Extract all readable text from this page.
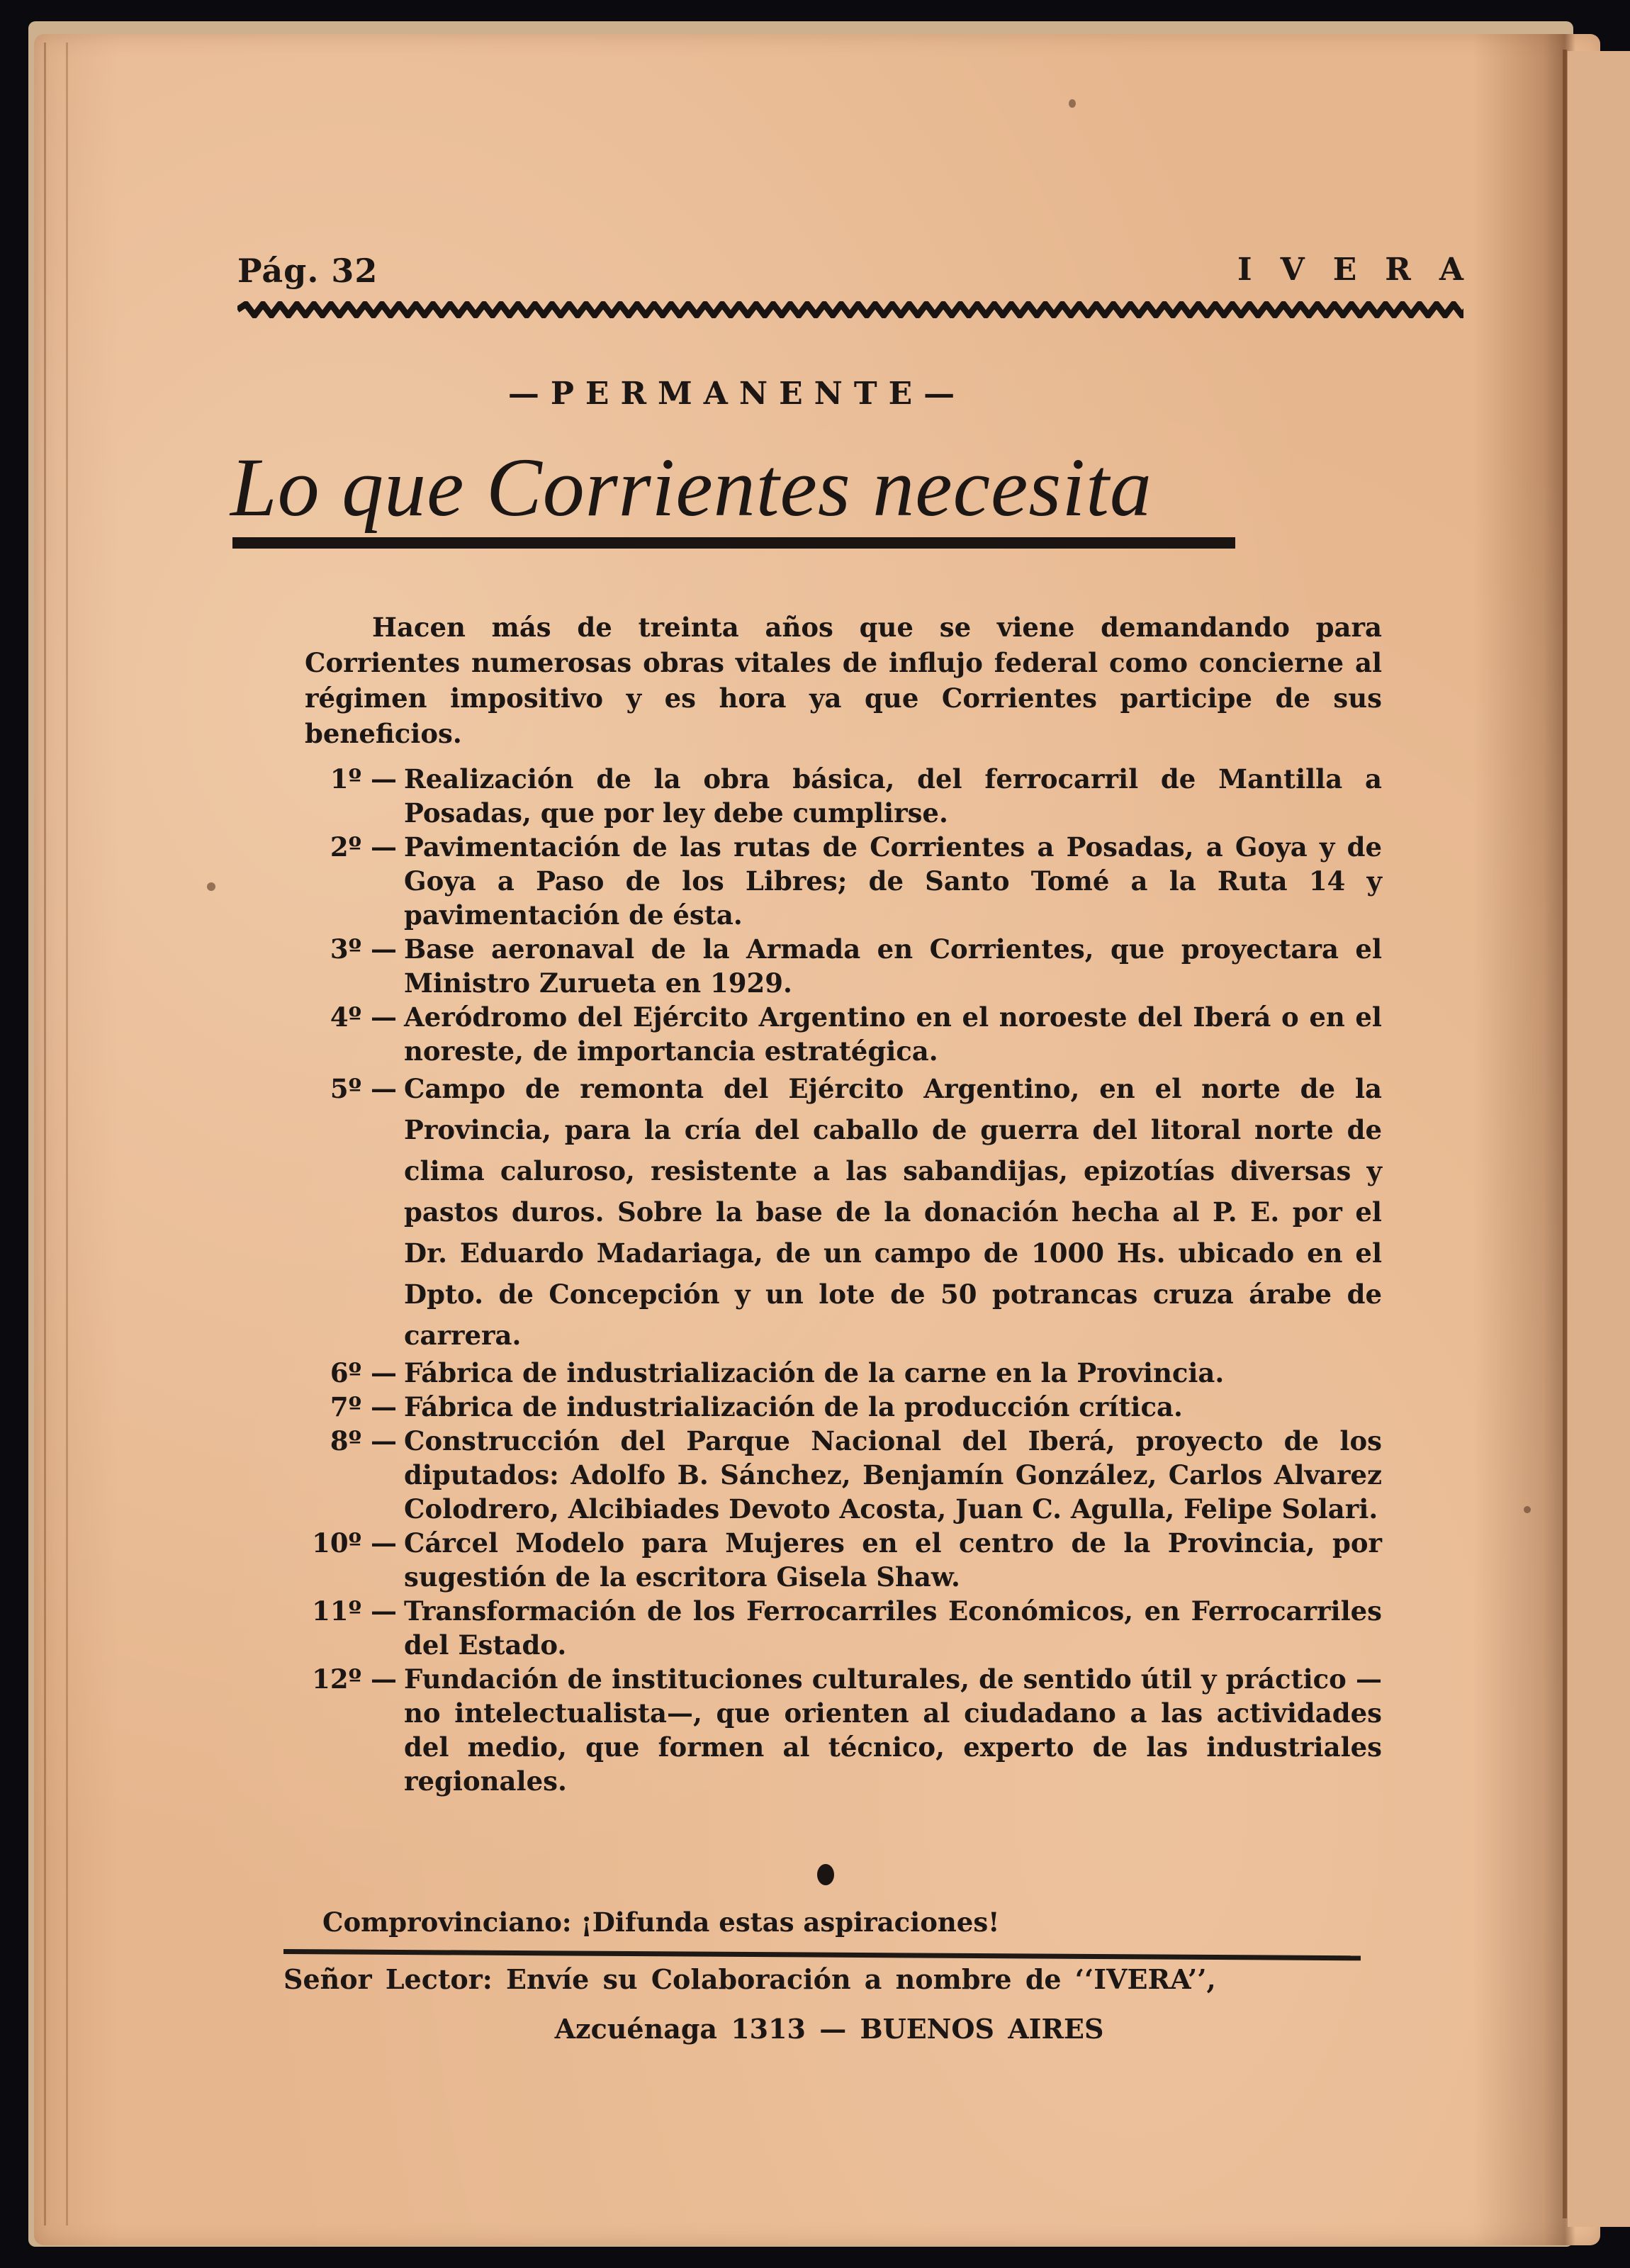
Pág. 32	IVERA
—PERMANENTE—
Lo que Corrientes necesita
Hacen más de treinta años que se viene demandando para Corrientes numerosas obras vitales de influjo federal como concierne al régimen impositivo y es hora ya que Corrientes participe de sus beneficios.
1º — Realización de la obra básica, del ferrocarril de Mantilla a Posadas, que por ley debe cumplirse.
2º — Pavimentación de las rutas de Corrientes a Posadas, a Goya y de Goya a Paso de los Libres; de Santo Tomé a la Ruta 14 y pavimentación de ésta.
3º — Base aeronaval de la Armada en Corrientes, que proyectara el Ministro Zurueta en 1929.
4º — Aeródromo del Ejército Argentino en el noroeste del Iberá o en el noreste, de importancia estratégica.
5º — Campo de remonta del Ejército Argentino, en el norte de la Provincia, para la cría del caballo de guerra del litoral norte de clima caluroso, resistente a las sabandijas, epizotías diversas y pastos duros. Sobre la base de la donación hecha al P. E. por el Dr. Eduardo Madariaga, de un campo de 1000 Hs. ubicado en el Dpto. de Concepción y un lote de 50 potrancas cruza árabe de carrera.
6º — Fábrica de industrialización de la carne en la Provincia.
7º — Fábrica de industrialización de la producción crítica.
8º — Construcción del Parque Nacional del Iberá, proyecto de los diputados: Adolfo B. Sánchez, Benjamín González, Carlos Alvarez Colodrero, Alcibiades Devoto Acosta, Juan C. Agulla, Felipe Solari.
10º — Cárcel Modelo para Mujeres en el centro de la Provincia, por sugestión de la escritora Gisela Shaw.
11º — Transformación de los Ferrocarriles Económicos, en Ferrocarriles del Estado.
12º — Fundación de instituciones culturales, de sentido útil y práctico —no intelectualista—, que orienten al ciudadano a las actividades del medio, que formen al técnico, experto de las industriales regionales.
Comprovinciano: ¡Difunda estas aspiraciones!
Señor Lector: Envíe su Colaboración a nombre de ‘‘IVERA’’,
Azcuénaga 1313 — BUENOS AIRES
